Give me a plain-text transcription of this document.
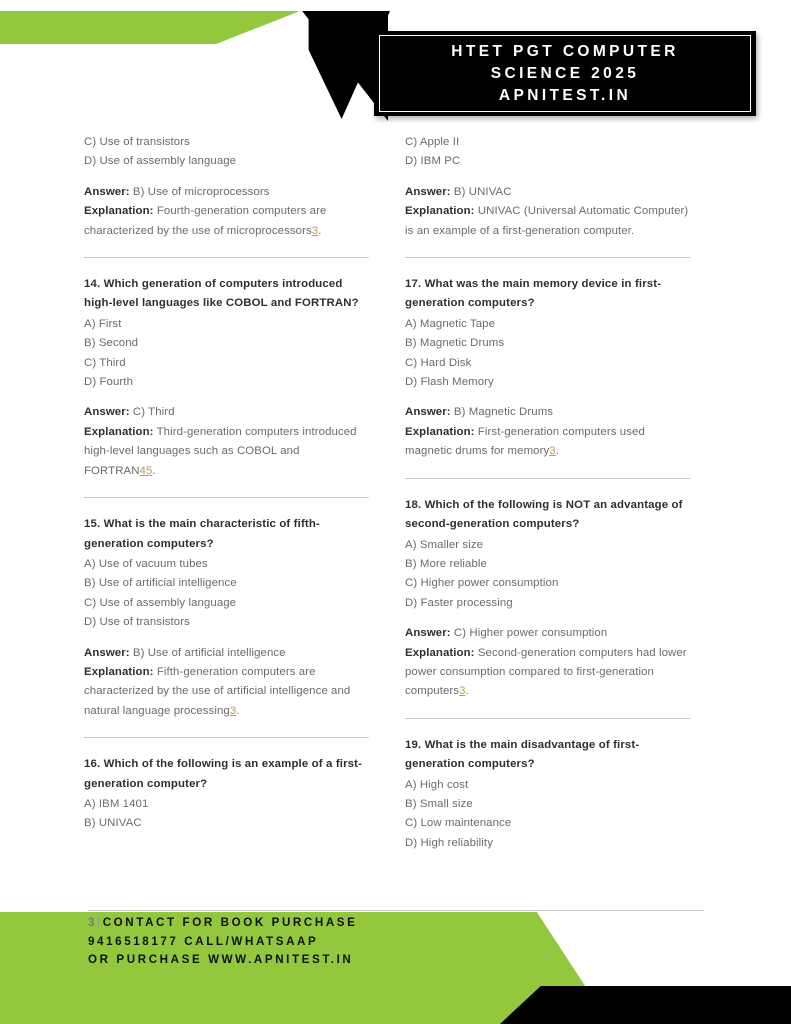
HTET PGT COMPUTER
SCIENCE 2025
APNITEST.IN

C) Use of transistors

D) Use of assembly language

Answer: B) Use of microprocessors

Explanation: Fourth-generation computers are characterized by the use of microprocessors3.

14. Which generation of computers introduced high-level languages like COBOL and FORTRAN?

A) First

B) Second

C) Third

D) Fourth

Answer: C) Third

Explanation: Third-generation computers introduced high-level languages such as COBOL and FORTRAN45.

15. What is the main characteristic of fifth-generation computers?

A) Use of vacuum tubes

B) Use of artificial intelligence

C) Use of assembly language

D) Use of transistors

Answer: B) Use of artificial intelligence

Explanation: Fifth-generation computers are characterized by the use of artificial intelligence and natural language processing3.

16. Which of the following is an example of a first-generation computer?

A) IBM 1401

B) UNIVAC

C) Apple II

D) IBM PC

Answer: B) UNIVAC

Explanation: UNIVAC (Universal Automatic Computer) is an example of a first-generation computer.

17. What was the main memory device in first-generation computers?

A) Magnetic Tape

B) Magnetic Drums

C) Hard Disk

D) Flash Memory

Answer: B) Magnetic Drums

Explanation: First-generation computers used magnetic drums for memory3.

18. Which of the following is NOT an advantage of second-generation computers?

A) Smaller size

B) More reliable

C) Higher power consumption

D) Faster processing

Answer: C) Higher power consumption

Explanation: Second-generation computers had lower power consumption compared to first-generation computers3.

19. What is the main disadvantage of first-generation computers?

A) High cost

B) Small size

C) Low maintenance

D) High reliability

3|CONTACT FOR BOOK PURCHASE

9416518177 CALL/WHATSAAP

OR PURCHASE WWW.APNITEST.IN
